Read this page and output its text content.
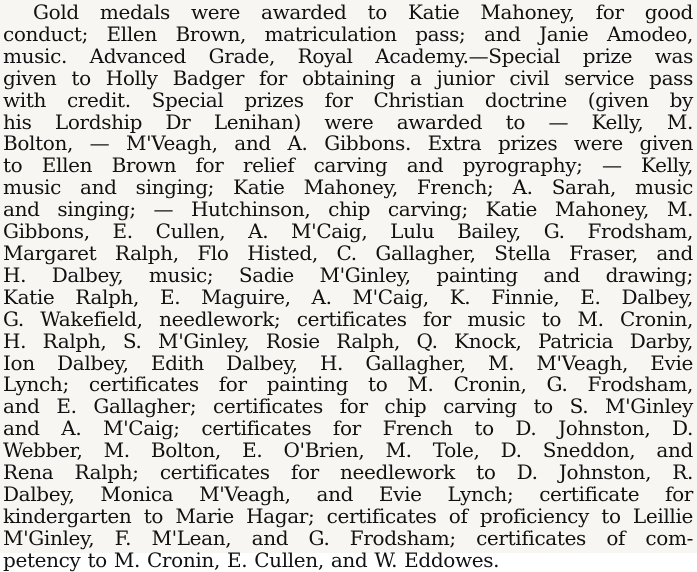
Gold medals were awarded to Katie Mahoney, for good
conduct; Ellen Brown, matriculation pass; and Janie Amodeo,
music. Advanced Grade, Royal Academy.—Special prize was
given to Holly Badger for obtaining a junior civil service pass
with credit. Special prizes for Christian doctrine (given by
his Lordship Dr Lenihan) were awarded to — Kelly, M.
Bolton, — M'Veagh, and A. Gibbons. Extra prizes were given
to Ellen Brown for relief carving and pyrography; — Kelly,
music and singing; Katie Mahoney, French; A. Sarah, music
and singing; — Hutchinson, chip carving; Katie Mahoney, M.
Gibbons, E. Cullen, A. M'Caig, Lulu Bailey, G. Frodsham,
Margaret Ralph, Flo Histed, C. Gallagher, Stella Fraser, and
H. Dalbey, music; Sadie M'Ginley, painting and drawing;
Katie Ralph, E. Maguire, A. M'Caig, K. Finnie, E. Dalbey,
G. Wakefield, needlework; certificates for music to M. Cronin,
H. Ralph, S. M'Ginley, Rosie Ralph, Q. Knock, Patricia Darby,
Ion Dalbey, Edith Dalbey, H. Gallagher, M. M'Veagh, Evie
Lynch; certificates for painting to M. Cronin, G. Frodsham,
and E. Gallagher; certificates for chip carving to S. M'Ginley
and A. M'Caig; certificates for French to D. Johnston, D.
Webber, M. Bolton, E. O'Brien, M. Tole, D. Sneddon, and
Rena Ralph; certificates for needlework to D. Johnston, R.
Dalbey, Monica M'Veagh, and Evie Lynch; certificate for
kindergarten to Marie Hagar; certificates of proficiency to Leillie
M'Ginley, F. M'Lean, and G. Frodsham; certificates of com-
petency to M. Cronin, E. Cullen, and W. Eddowes.
